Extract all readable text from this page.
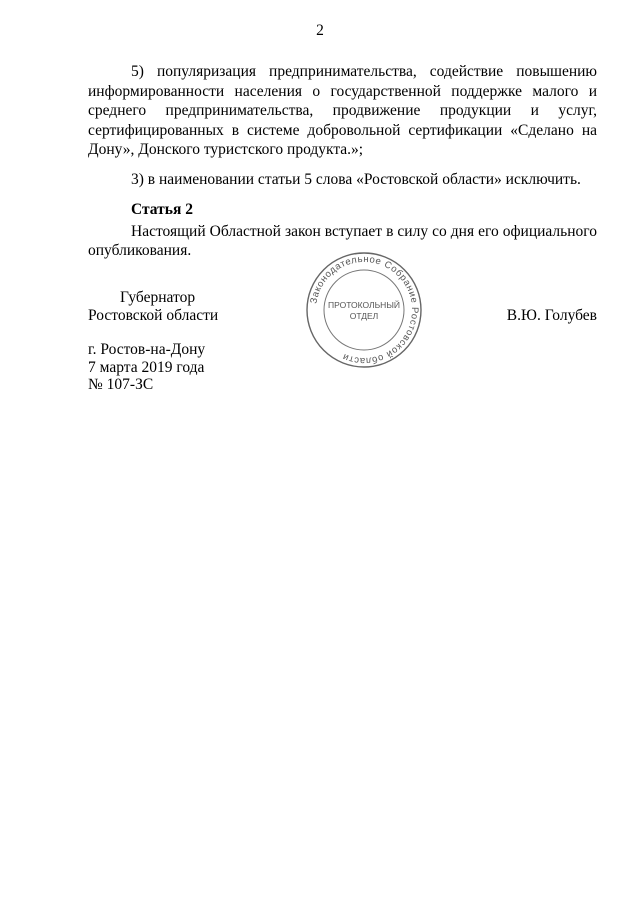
2

5) популяризация предпринимательства, содействие повышению информированности населения о государственной поддержке малого и среднего предпринимательства, продвижение продукции и услуг, сертифицированных в системе добровольной сертификации «Сделано на Дону», Донского туристского продукта.»;

3) в наименовании статьи 5 слова «Ростовской области» исключить.

Статья 2

Настоящий Областной закон вступает в силу со дня его официального опубликования.

Губернатор
Ростовской области
Законодательное Собрание Ростовской области
ПРОТОКОЛЬНЫЙ
ОТДЕЛ	В.Ю. Голубев
г. Ростов-на-Дону
7 марта 2019 года
№ 107-ЗС
